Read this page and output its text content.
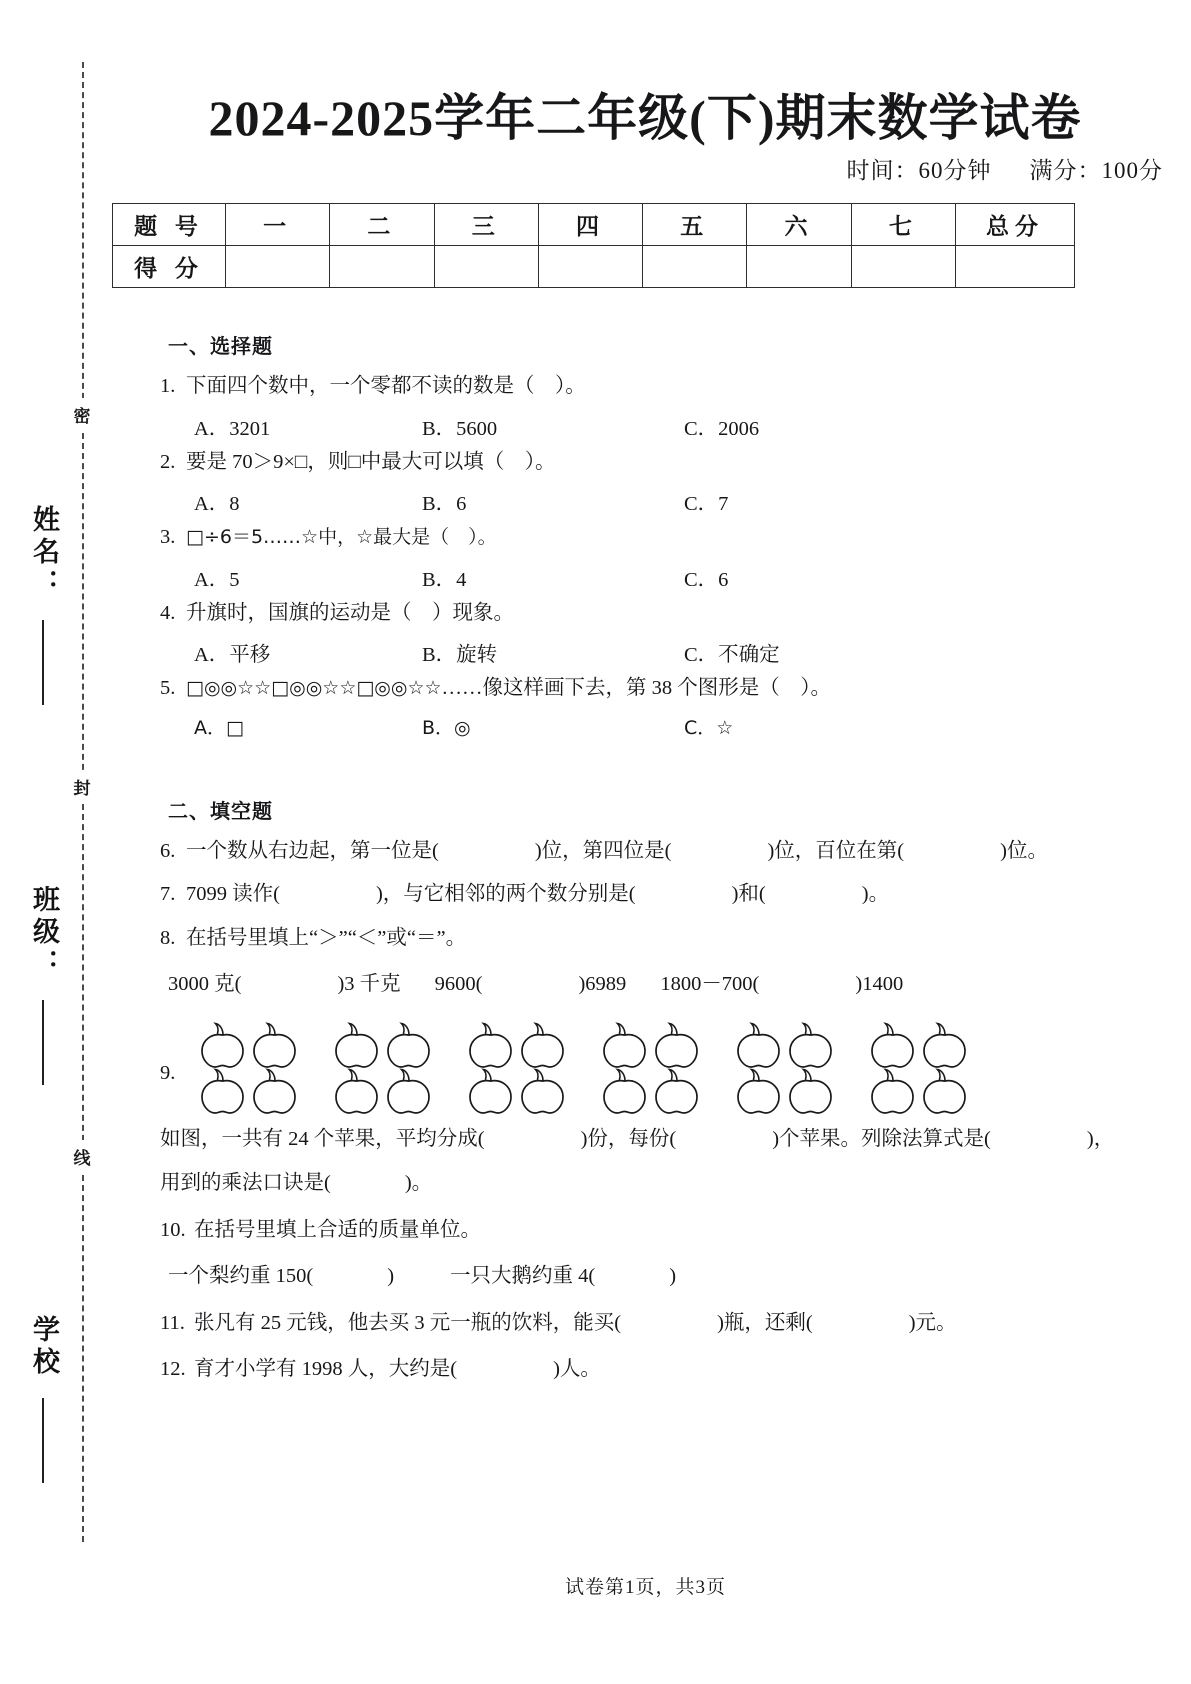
密
封
线
姓名：
班级：
学校
2024-2025学年二年级(下)期末数学试卷
时间：60分钟 满分：100分
题 号	一	二	三	四	五	六	七	总分
得 分								
一、选择题
1. 下面四个数中，一个零都不读的数是（　）。
A．3201	B．5600	C．2006
2. 要是 70＞9×□，则□中最大可以填（　）。
A．8	B．6	C．7
3. □÷6＝5……☆中，☆最大是（　）。
A．5	B．4	C．6
4. 升旗时，国旗的运动是（　）现象。
A．平移	B．旋转	C．不确定
5. □◎◎☆☆□◎◎☆☆□◎◎☆☆……像这样画下去，第 38 个图形是（　）。
A．□	B．◎	C．☆
二、填空题
6. 一个数从右边起，第一位是(	)位，第四位是(	)位，百位在第(	)位。
7. 7099 读作(	)，与它相邻的两个数分别是(	)和(	)。
8. 在括号里填上“＞”“＜”或“＝”。
3000 克(	)3 千克 9600(	)6989 1800－700(	)1400
9.
如图，一共有 24 个苹果，平均分成(	)份，每份(	)个苹果。列除法算式是(	)，
用到的乘法口诀是(	)。
10. 在括号里填上合适的质量单位。
一个梨约重 150(	)	一只大鹅约重 4(	)
11. 张凡有 25 元钱，他去买 3 元一瓶的饮料，能买(	)瓶，还剩(	)元。
12. 育才小学有 1998 人，大约是(	)人。
试卷第1页，共3页
